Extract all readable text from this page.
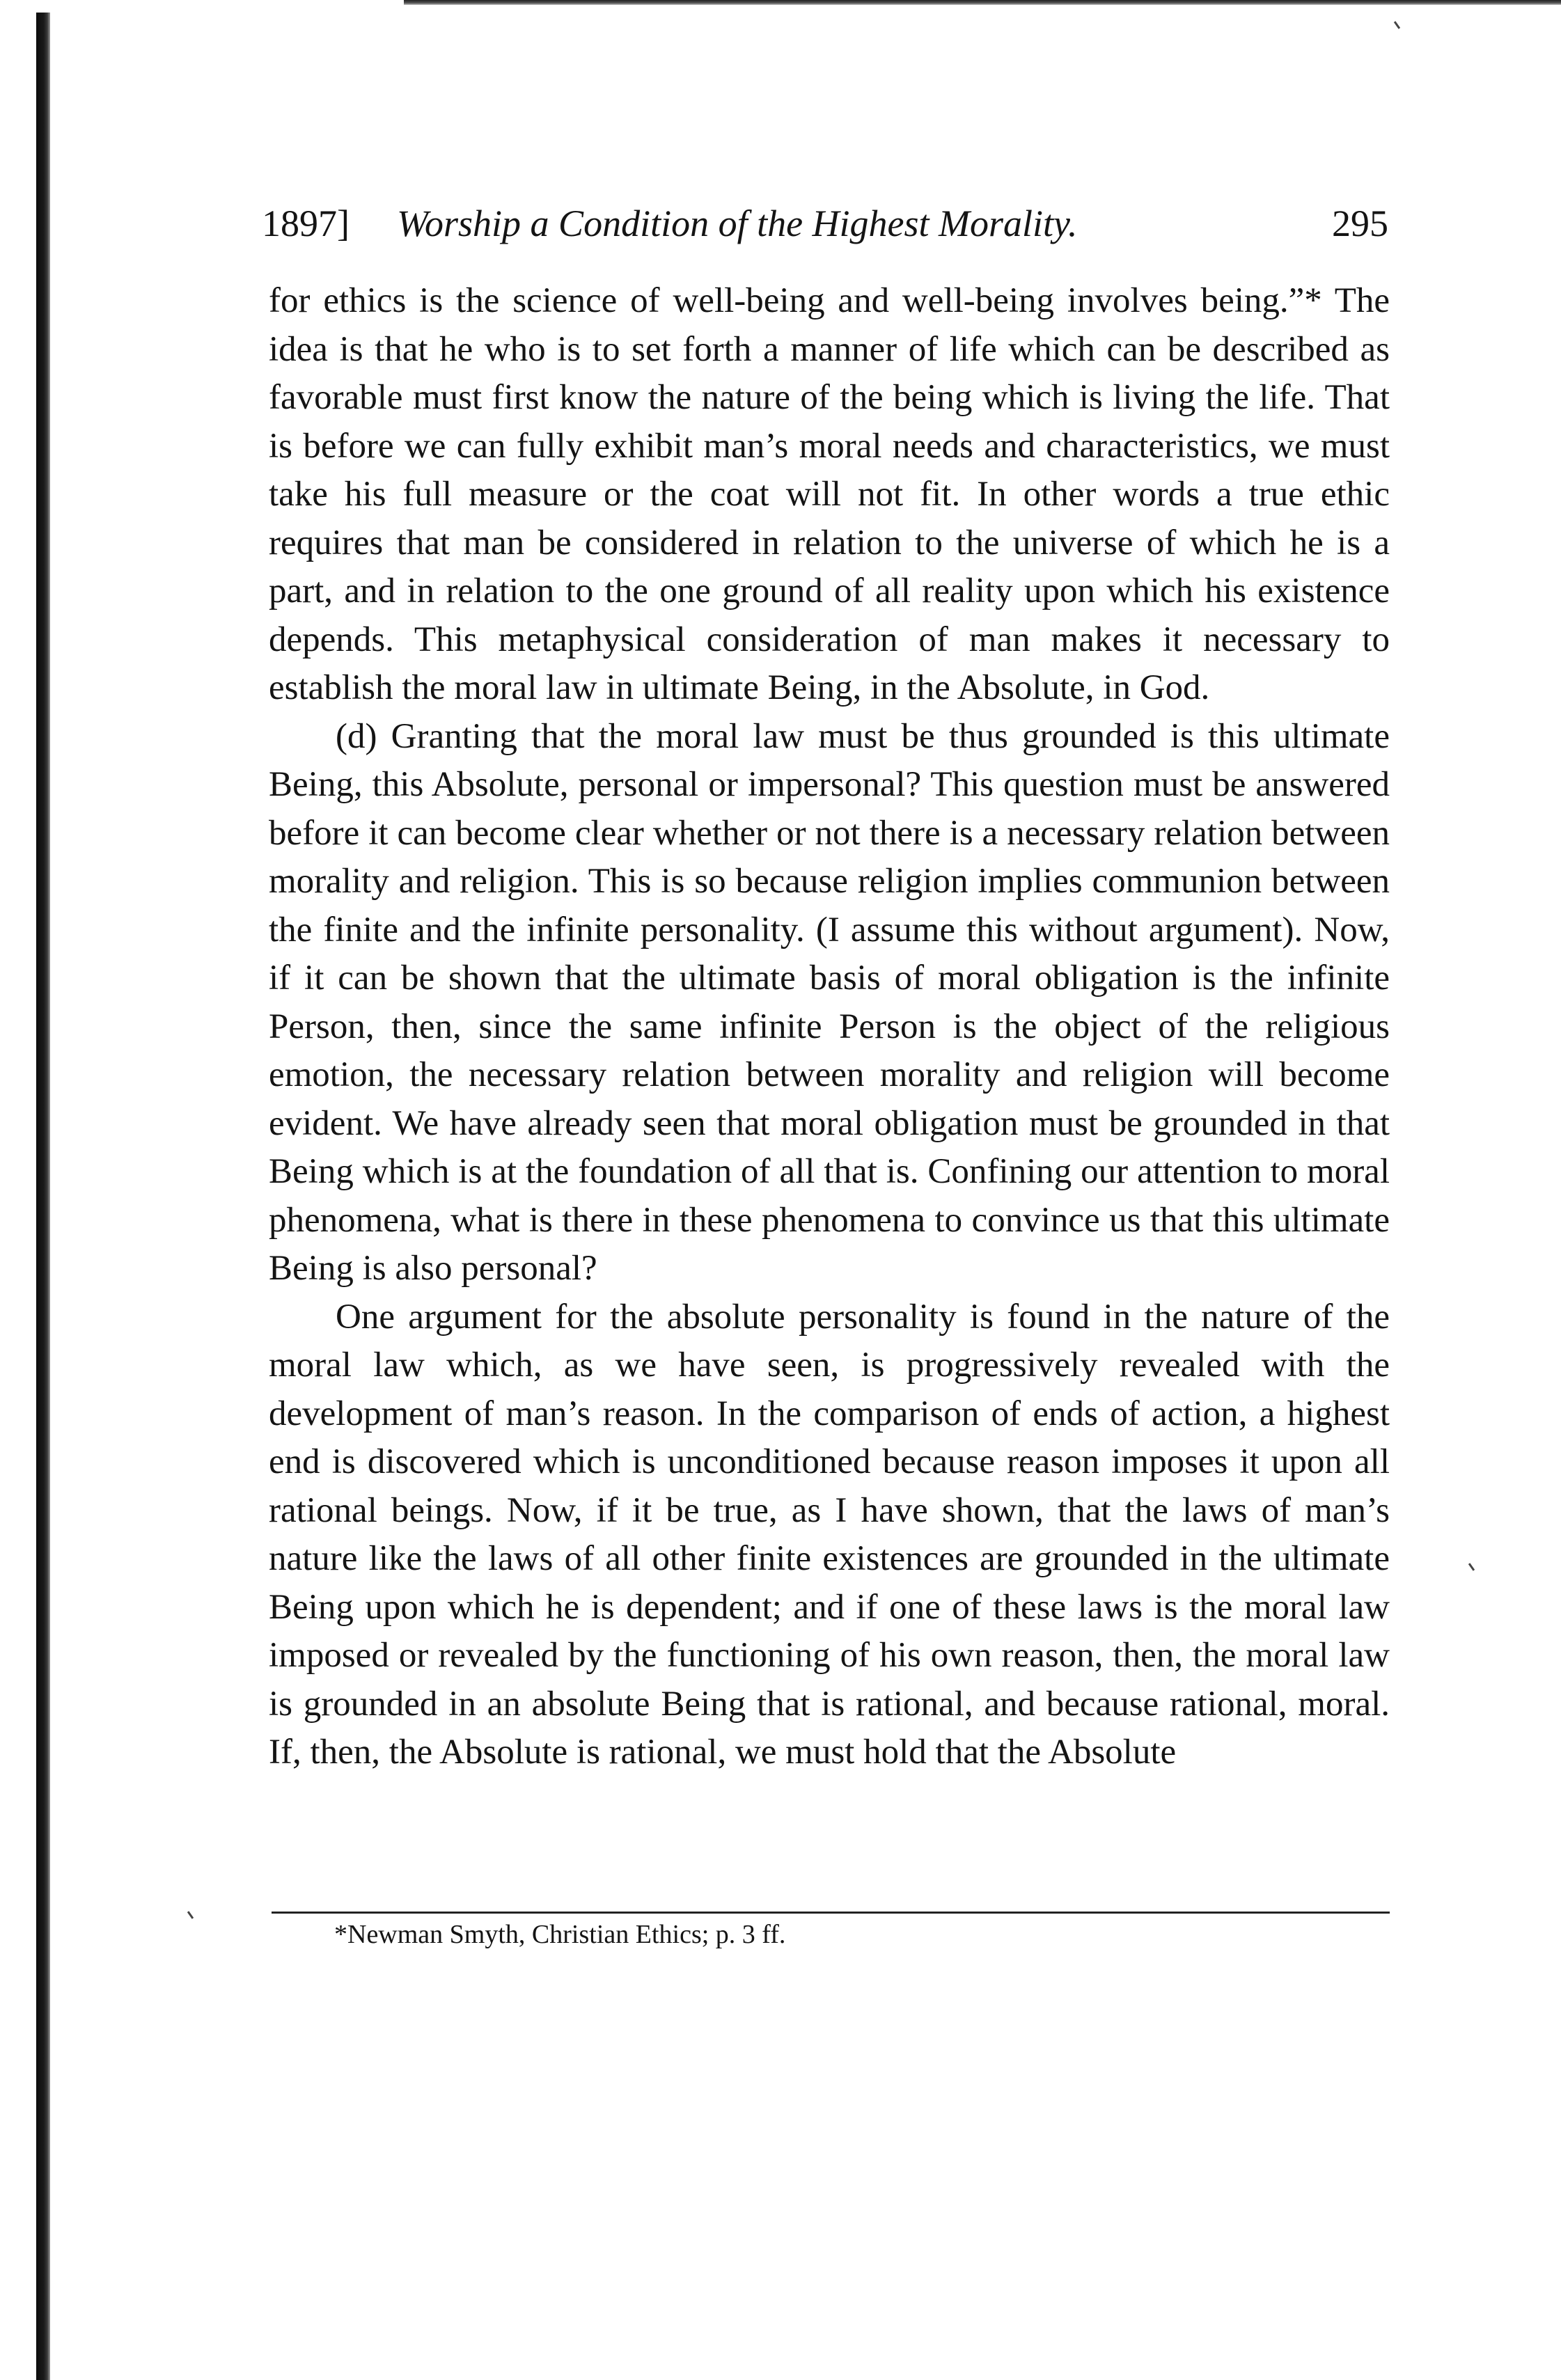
1897] Worship a Condition of the Highest Morality.	295

for ethics is the science of well-being and well-being involves being.”* The idea is that he who is to set forth a manner of life which can be described as favorable must first know the nature of the being which is living the life. That is before we can fully exhibit man’s moral needs and characteristics, we must take his full measure or the coat will not fit. In other words a true ethic requires that man be considered in relation to the universe of which he is a part, and in relation to the one ground of all reality upon which his existence depends. This metaphysical consideration of man makes it necessary to establish the moral law in ultimate Being, in the Absolute, in God.

(d) Granting that the moral law must be thus grounded is this ultimate Being, this Absolute, personal or impersonal? This question must be answered before it can become clear whether or not there is a necessary relation between morality and religion. This is so because religion implies communion between the finite and the infinite personality. (I assume this without argument). Now, if it can be shown that the ultimate basis of moral obligation is the infinite Person, then, since the same infinite Person is the object of the religious emotion, the necessary relation between morality and religion will become evident. We have already seen that moral obligation must be grounded in that Being which is at the foundation of all that is. Confining our attention to moral phenomena, what is there in these phenomena to convince us that this ultimate Being is also personal?

One argument for the absolute personality is found in the nature of the moral law which, as we have seen, is progressively revealed with the development of man’s reason. In the comparison of ends of action, a highest end is discovered which is unconditioned because reason imposes it upon all rational beings. Now, if it be true, as I have shown, that the laws of man’s nature like the laws of all other finite existences are grounded in the ultimate Being upon which he is dependent; and if one of these laws is the moral law imposed or revealed by the functioning of his own reason, then, the moral law is grounded in an absolute Being that is rational, and because rational, moral. If, then, the Absolute is rational, we must hold that the Absolute

*Newman Smyth, Christian Ethics; p. 3 ff.
